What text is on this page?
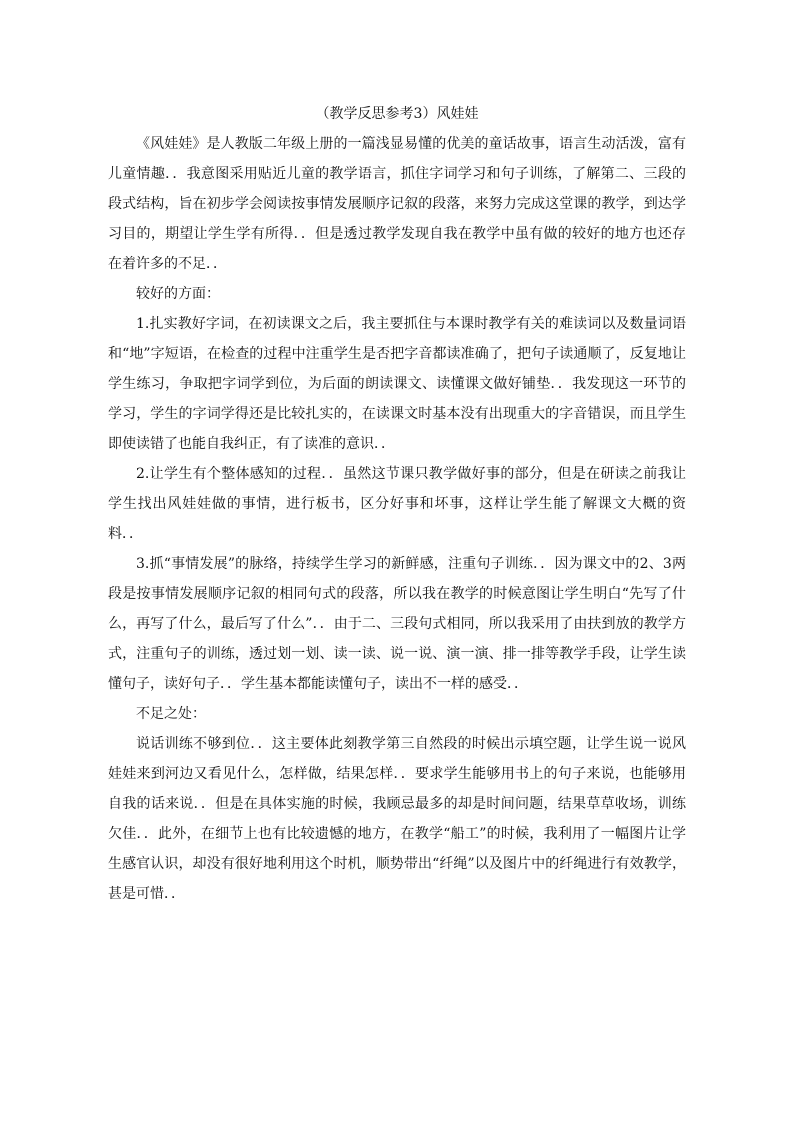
（教学反思参考3）风娃娃

《风娃娃》是人教版二年级上册的一篇浅显易懂的优美的童话故事，语言生动活泼，富有儿童情趣．．我意图采用贴近儿童的教学语言，抓住字词学习和句子训练，了解第二、三段的段式结构，旨在初步学会阅读按事情发展顺序记叙的段落，来努力完成这堂课的教学，到达学习目的，期望让学生学有所得．．但是透过教学发现自我在教学中虽有做的较好的地方也还存在着许多的不足．．

较好的方面：

1.扎实教好字词，在初读课文之后，我主要抓住与本课时教学有关的难读词以及数量词语和“地”字短语，在检查的过程中注重学生是否把字音都读准确了，把句子读通顺了，反复地让学生练习，争取把字词学到位，为后面的朗读课文、读懂课文做好铺垫．．我发现这一环节的学习，学生的字词学得还是比较扎实的，在读课文时基本没有出现重大的字音错误，而且学生即使读错了也能自我纠正，有了读准的意识．．

2.让学生有个整体感知的过程．．虽然这节课只教学做好事的部分，但是在研读之前我让学生找出风娃娃做的事情，进行板书，区分好事和坏事，这样让学生能了解课文大概的资料．．

3.抓“事情发展”的脉络，持续学生学习的新鲜感，注重句子训练．．因为课文中的2、3两段是按事情发展顺序记叙的相同句式的段落，所以我在教学的时候意图让学生明白“先写了什么，再写了什么，最后写了什么”．．由于二、三段句式相同，所以我采用了由扶到放的教学方式，注重句子的训练，透过划一划、读一读、说一说、演一演、排一排等教学手段，让学生读懂句子，读好句子．．学生基本都能读懂句子，读出不一样的感受．．

不足之处：

说话训练不够到位．．这主要体此刻教学第三自然段的时候出示填空题，让学生说一说风娃娃来到河边又看见什么，怎样做，结果怎样．．要求学生能够用书上的句子来说，也能够用自我的话来说．．但是在具体实施的时候，我顾忌最多的却是时间问题，结果草草收场，训练欠佳．．此外，在细节上也有比较遗憾的地方，在教学“船工”的时候，我利用了一幅图片让学生感官认识，却没有很好地利用这个时机，顺势带出“纤绳”以及图片中的纤绳进行有效教学，甚是可惜．．
